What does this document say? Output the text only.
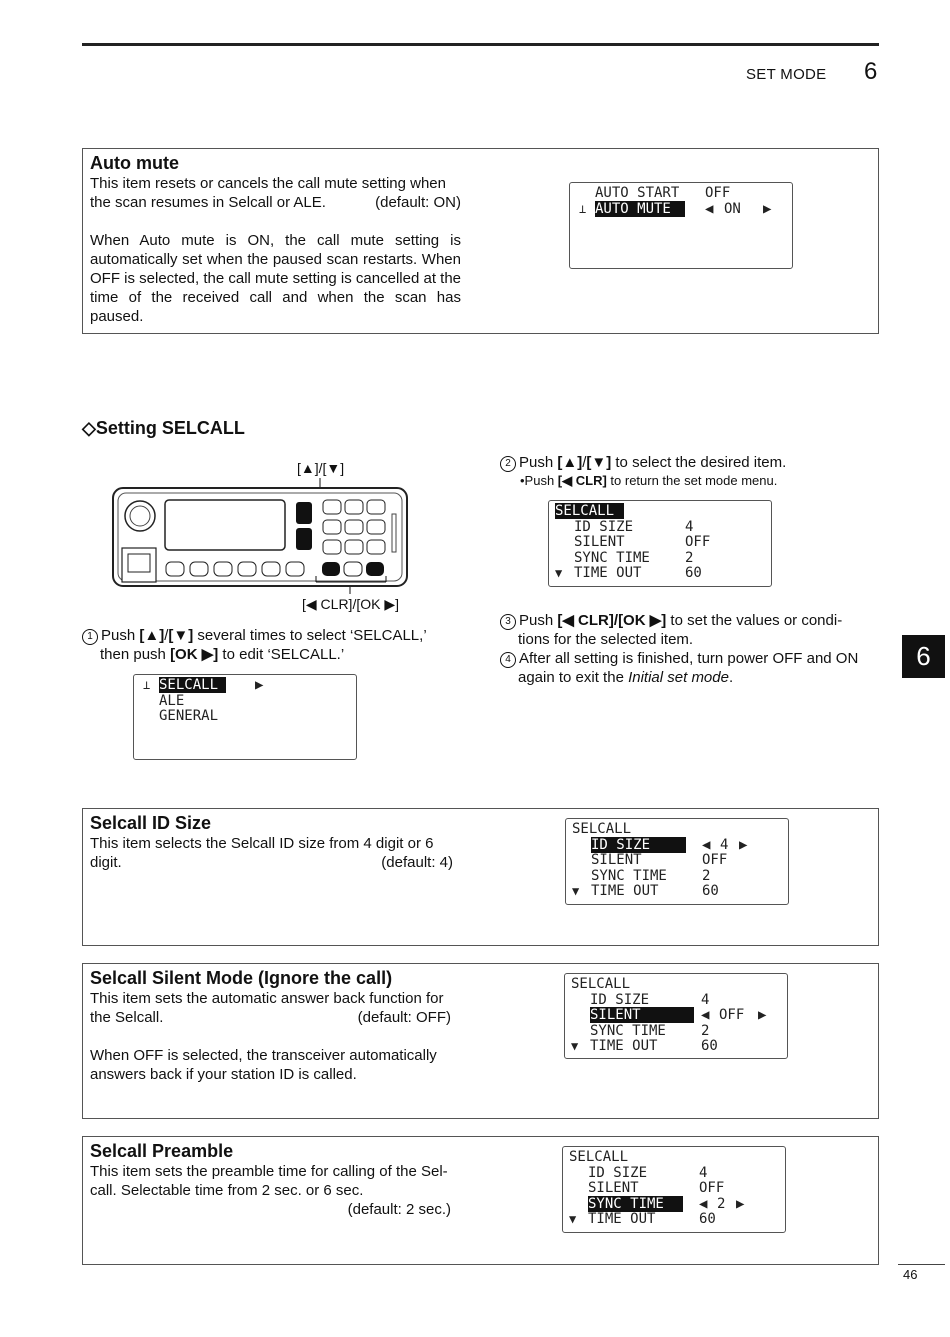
SET MODE 6
Auto mute
This item resets or cancels the call mute setting when
the scan resumes in Selcall or ALE.	(default: ON)
When Auto mute is ON, the call mute setting is automatically set when the paused scan restarts. When OFF is selected, the call mute setting is cancelled at the time of the received call and when the scan has paused.
AUTO START OFF
⊥ AUTO MUTE ◀ ON ▶
◇Setting SELCALL
[▲]/[▼]
[◀ CLR]/[OK ▶]
1 Push [▲]/[▼] several times to select ‘SELCALL,’
then push [OK ▶] to edit ‘SELCALL.’
⊥ SELCALL	▶
ALE
GENERAL
2 Push [▲]/[▼] to select the desired item.
•Push [◀ CLR] to return the set mode menu.
SELCALL
ID SIZE	4
SILENT	OFF
SYNC TIME	2
▼ TIME OUT	60
3 Push [◀ CLR]/[OK ▶] to set the values or condi-
tions for the selected item.
4 After all setting is finished, turn power OFF and ON
again to exit the Initial set mode.
6
Selcall ID Size
This item selects the Selcall ID size from 4 digit or 6
digit.	(default: 4)
SELCALL
ID SIZE	◀ 4 ▶
SILENT	OFF
SYNC TIME	2
▼ TIME OUT	60
Selcall Silent Mode (Ignore the call)
This item sets the automatic answer back function for
the Selcall.	(default: OFF)
When OFF is selected, the transceiver automatically answers back if your station ID is called.
SELCALL
ID SIZE	4
SILENT	◀ OFF ▶
SYNC TIME	2
▼ TIME OUT	60
Selcall Preamble
This item sets the preamble time for calling of the Sel-
call. Selectable time from 2 sec. or 6 sec.
(default: 2 sec.)
SELCALL
ID SIZE	4
SILENT	OFF
SYNC TIME	◀ 2 ▶
▼ TIME OUT	60
46
